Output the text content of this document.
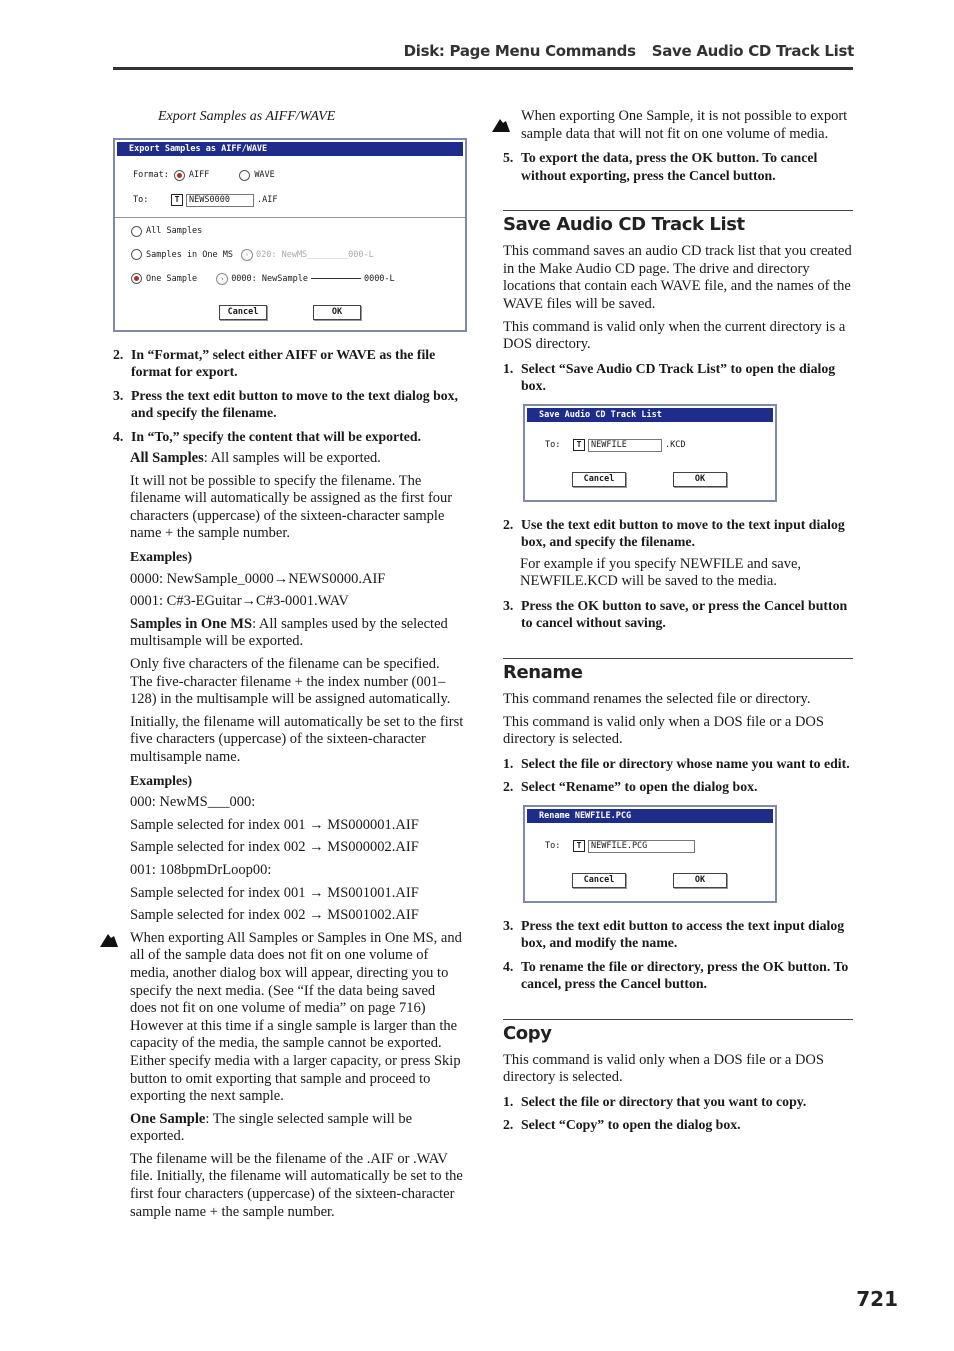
Disk: Page Menu Commands Save Audio CD Track List

Export Samples as AIFF/WAVE

Export Samples as AIFF/WAVE
Format: AIFF	WAVE
To:	T	NEWS0000	.AIF
All Samples
Samples in One MS	› 020: NewMS________000-L
One Sample	› 0000: NewSample	0000-L
Cancel	OK
2. In “Format,” select either AIFF or WAVE as the file format for export.
3. Press the text edit button to move to the text dialog box, and specify the filename.
4. In “To,” specify the content that will be exported.

All Samples: All samples will be exported.

It will not be possible to specify the filename. The filename will automatically be assigned as the first four characters (uppercase) of the sixteen-character sample name + the sample number.

Examples)

0000: NewSample_0000→NEWS0000.AIF

0001: C#3-EGuitar→C#3-0001.WAV

Samples in One MS: All samples used by the selected multisample will be exported.

Only five characters of the filename can be specified. The five-character filename + the index number (001–128) in the multisample will be assigned automatically.

Initially, the filename will automatically be set to the first five characters (uppercase) of the sixteen-character multisample name.

Examples)

000: NewMS___000:

Sample selected for index 001 → MS000001.AIF

Sample selected for index 002 → MS000002.AIF

001: 108bpmDrLoop00:

Sample selected for index 001 → MS001001.AIF

Sample selected for index 002 → MS001002.AIF

When exporting All Samples or Samples in One MS, and all of the sample data does not fit on one volume of media, another dialog box will appear, directing you to specify the next media. (See “If the data being saved does not fit on one volume of media” on page 716) However at this time if a single sample is larger than the capacity of the media, the sample cannot be exported. Either specify media with a larger capacity, or press Skip button to omit exporting that sample and proceed to exporting the next sample.

One Sample: The single selected sample will be exported.

The filename will be the filename of the .AIF or .WAV file. Initially, the filename will automatically be set to the first four characters (uppercase) of the sixteen-character sample name + the sample number.

When exporting One Sample, it is not possible to export sample data that will not fit on one volume of media.

5. To export the data, press the OK button. To cancel without exporting, press the Cancel button.
Save Audio CD Track List

This command saves an audio CD track list that you created in the Make Audio CD page. The drive and directory locations that contain each WAVE file, and the names of the WAVE files will be saved.

This command is valid only when the current directory is a DOS directory.

1. Select “Save Audio CD Track List” to open the dialog box.
Save Audio CD Track List
To:	T	NEWFILE	.KCD
Cancel	OK
2. Use the text edit button to move to the text input dialog box, and specify the filename.

For example if you specify NEWFILE and save, NEWFILE.KCD will be saved to the media.

3. Press the OK button to save, or press the Cancel button to cancel without saving.
Rename

This command renames the selected file or directory.

This command is valid only when a DOS file or a DOS directory is selected.

1. Select the file or directory whose name you want to edit.
2. Select “Rename” to open the dialog box.
Rename NEWFILE.PCG
To:	T	NEWFILE.PCG
Cancel	OK
3. Press the text edit button to access the text input dialog box, and modify the name.
4. To rename the file or directory, press the OK button. To cancel, press the Cancel button.
Copy

This command is valid only when a DOS file or a DOS directory is selected.

1. Select the file or directory that you want to copy.
2. Select “Copy” to open the dialog box.
721
